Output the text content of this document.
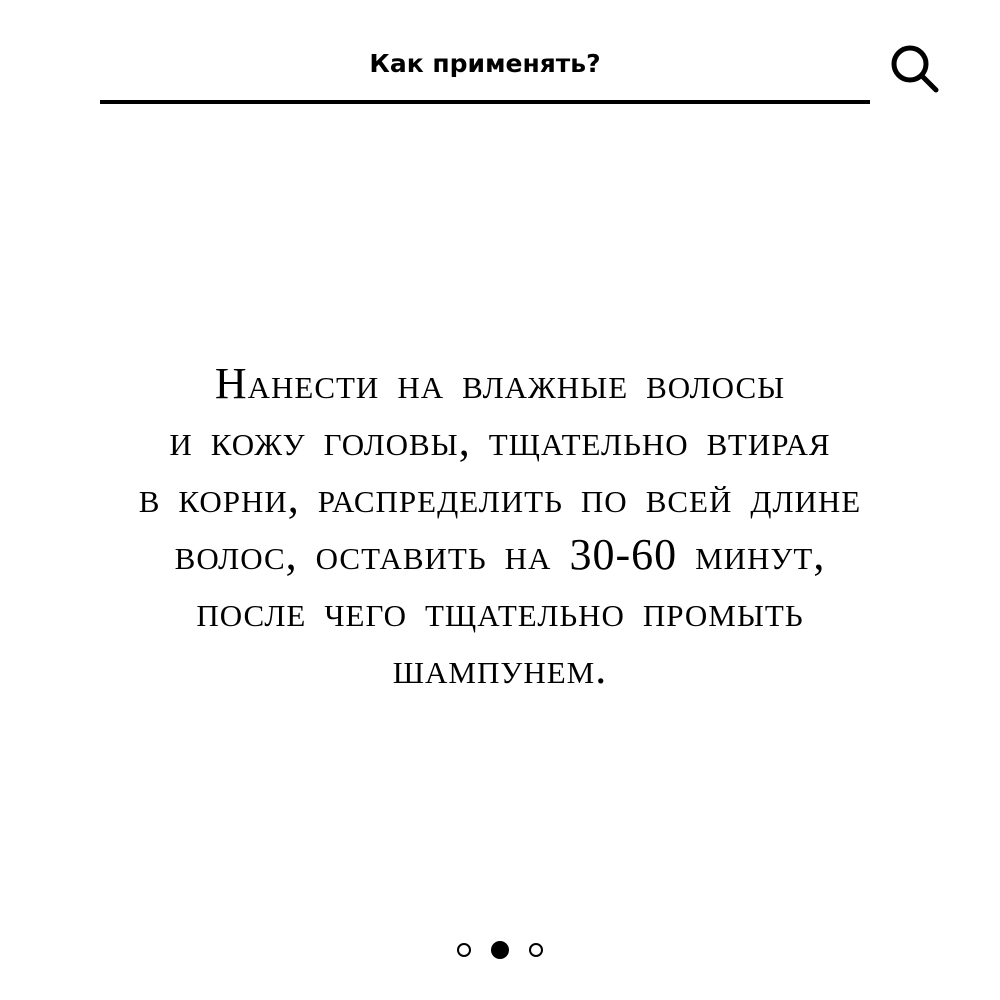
Как применять?

Нанести на влажные волосы
и кожу головы, тщательно втирая
в корни, распределить по всей длине
волос, оставить на 30-60 минут,
после чего тщательно промыть
шампунем.
